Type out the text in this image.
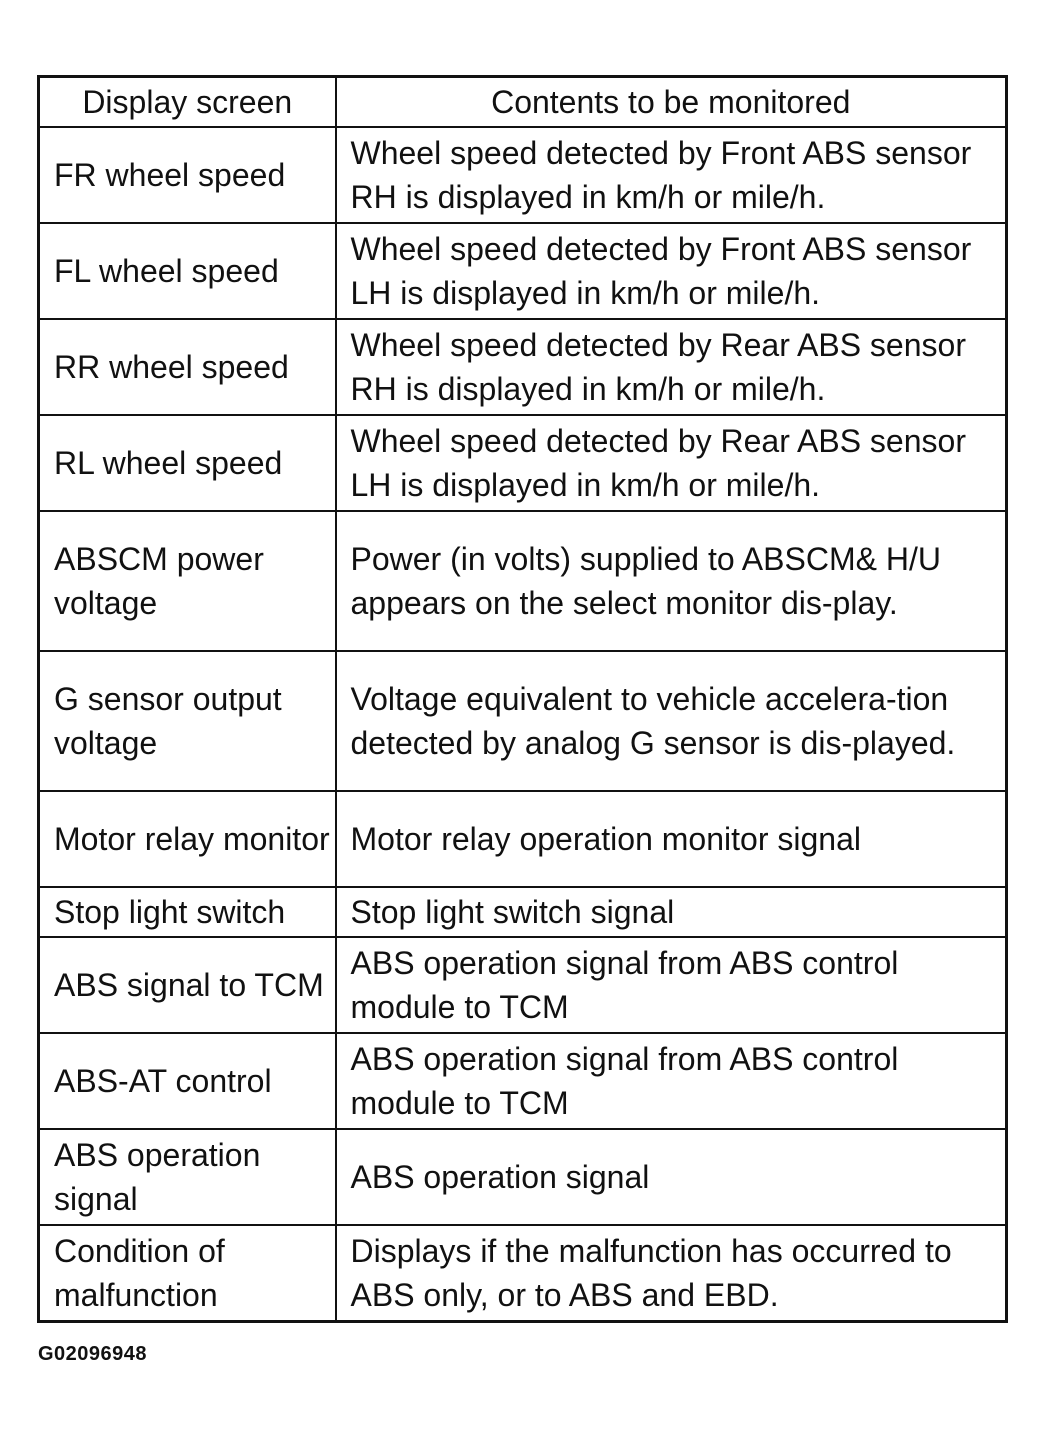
Display screen	Contents to be monitored
FR wheel speed	Wheel speed detected by Front ABS sensor RH is displayed in km/h or mile/h.
FL wheel speed	Wheel speed detected by Front ABS sensor LH is displayed in km/h or mile/h.
RR wheel speed	Wheel speed detected by Rear ABS sensor RH is displayed in km/h or mile/h.
RL wheel speed	Wheel speed detected by Rear ABS sensor LH is displayed in km/h or mile/h.
ABSCM power voltage	Power (in volts) supplied to ABSCM& H/U appears on the select monitor dis-play.
G sensor output voltage	Voltage equivalent to vehicle accelera-tion detected by analog G sensor is dis-played.
Motor relay monitor	Motor relay operation monitor signal
Stop light switch	Stop light switch signal
ABS signal to TCM	ABS operation signal from ABS control module to TCM
ABS-AT control	ABS operation signal from ABS control module to TCM
ABS operation signal	ABS operation signal
Condition of malfunction	Displays if the malfunction has occurred to ABS only, or to ABS and EBD.
G02096948
